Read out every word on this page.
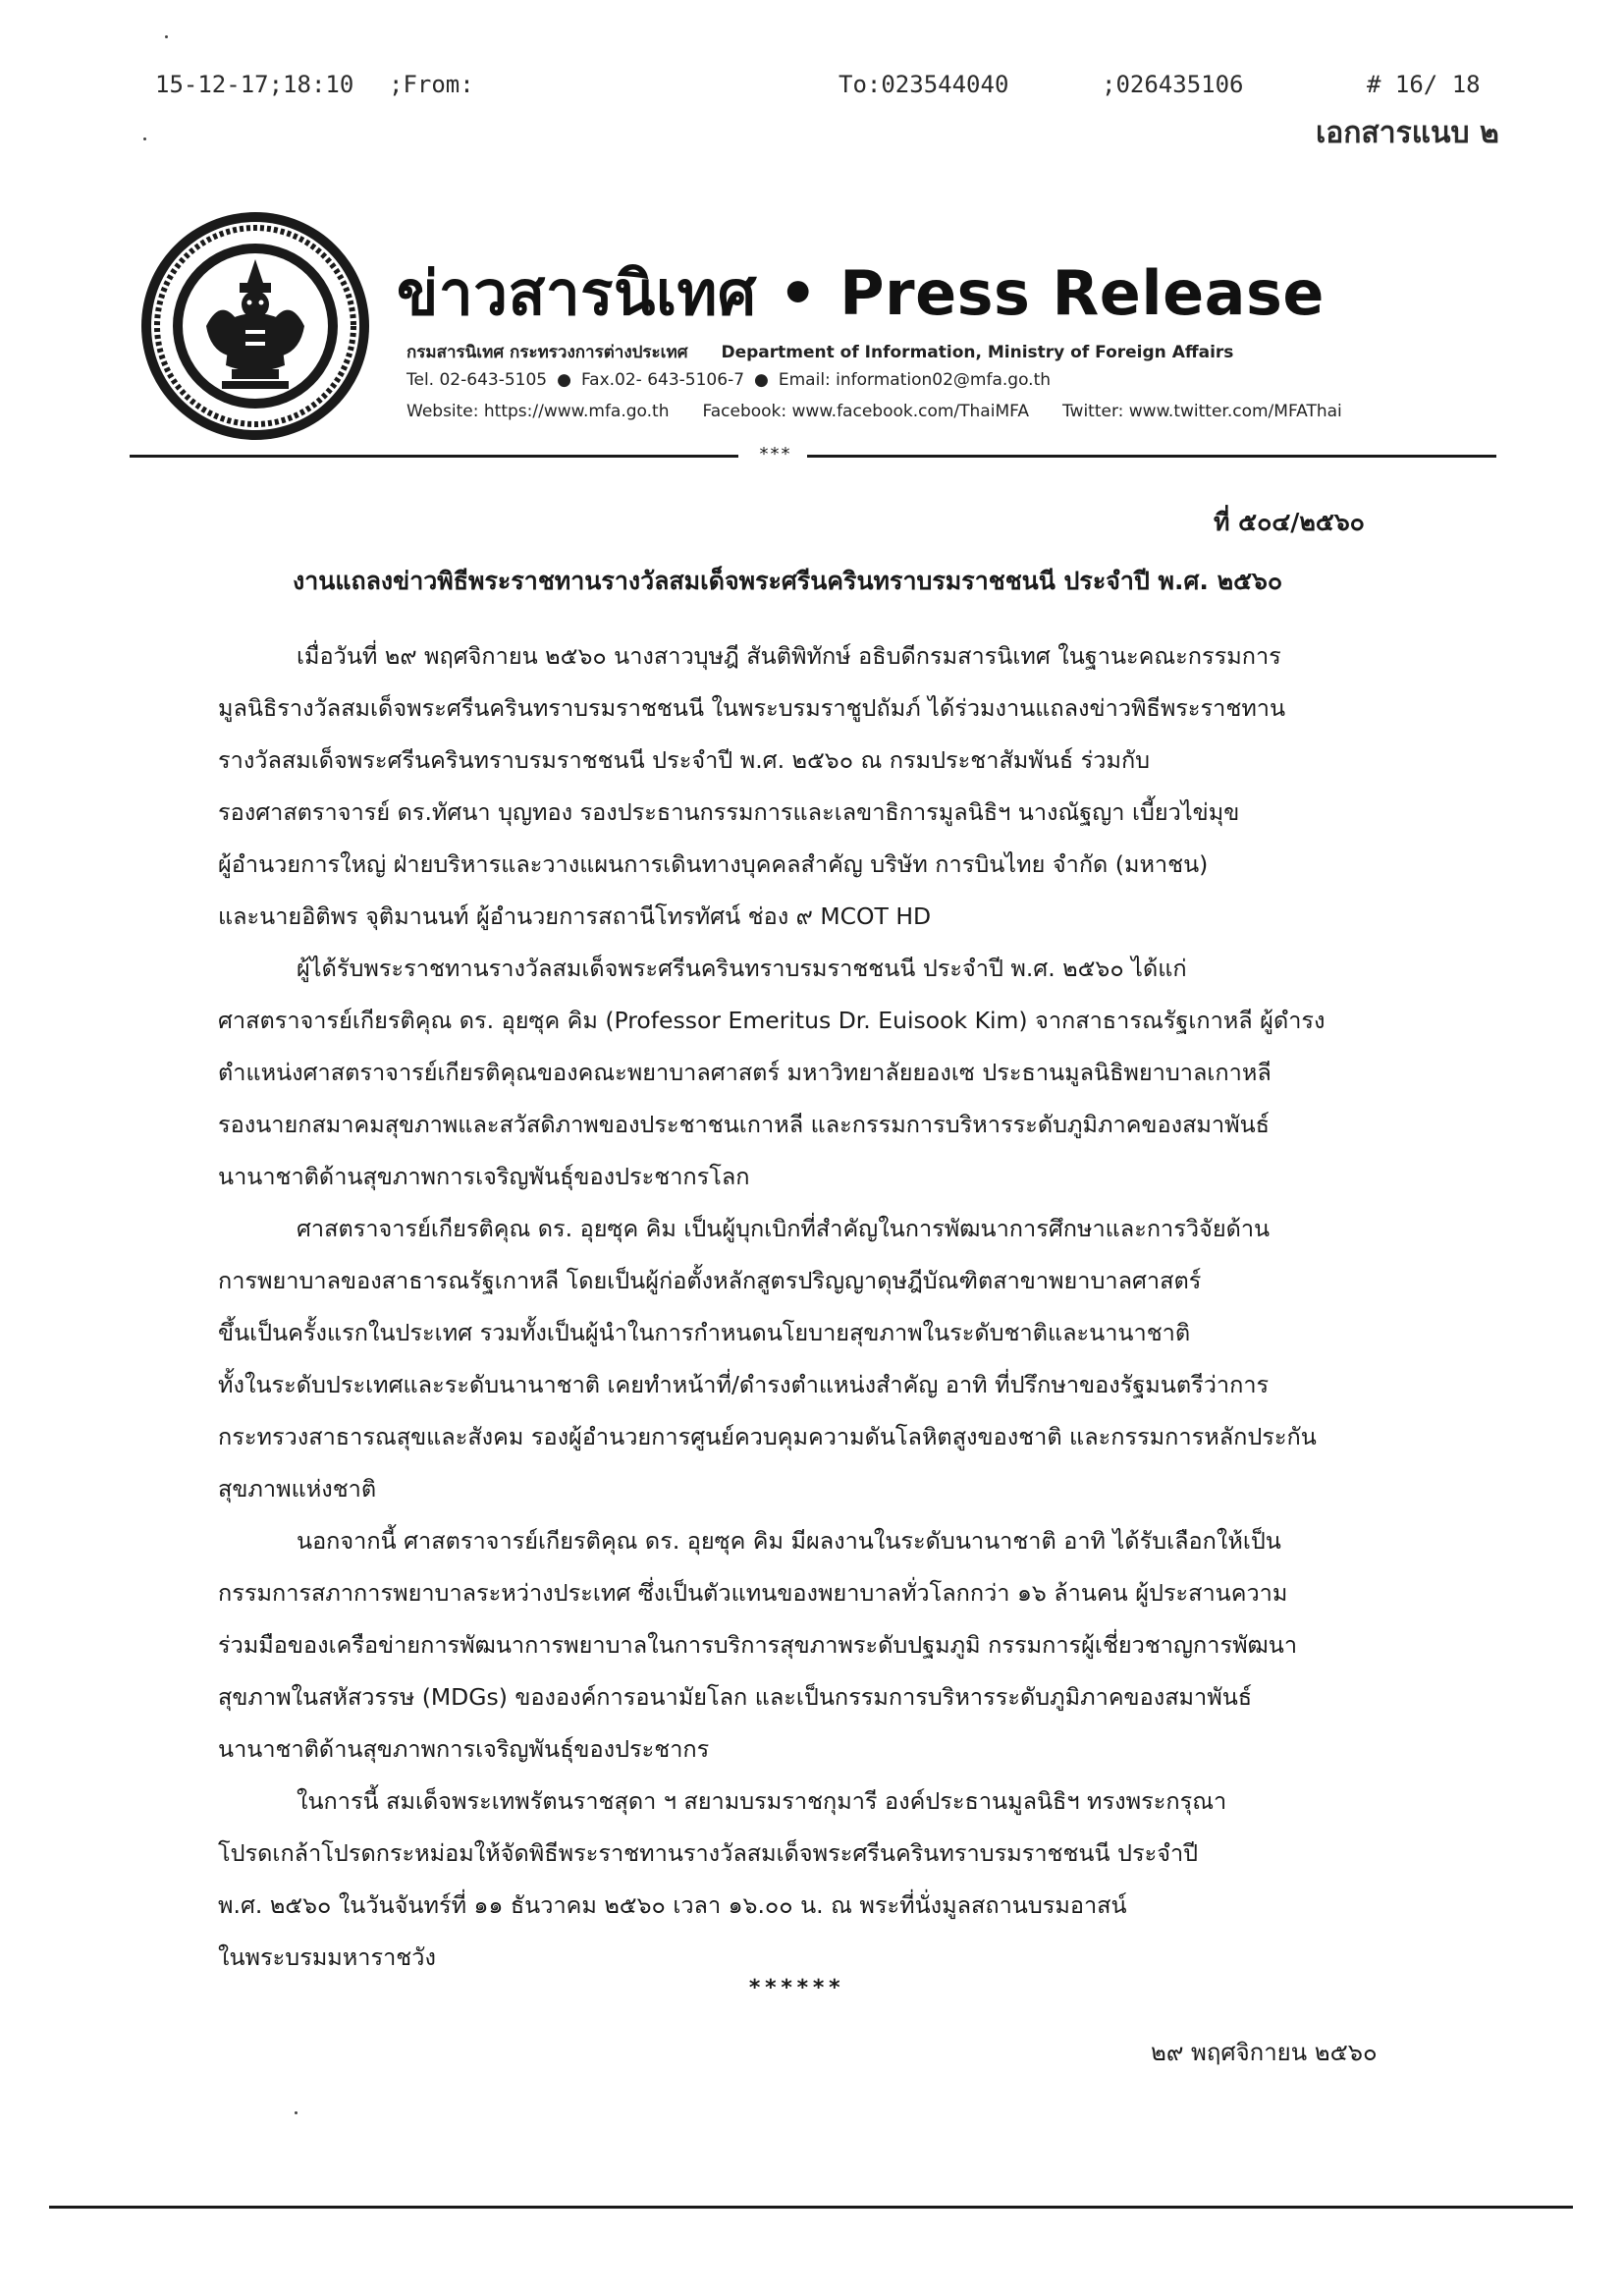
15-12-17;18:10 ;From:	To:023544040	;026435106	# 16/ 18
เอกสารแนบ ๒
ข่าวสารนิเทศ • Press Release
กรมสารนิเทศ กระทรวงการต่างประเทศ Department of Information, Ministry of Foreign Affairs
Tel. 02-643-5105 ● Fax.02- 643-5106-7 ● Email: information02@mfa.go.th
Website: https://www.mfa.go.th Facebook: www.facebook.com/ThaiMFA Twitter: www.twitter.com/MFAThai
***
ที่ ๕๐๔/๒๕๖๐
งานแถลงข่าวพิธีพระราชทานรางวัลสมเด็จพระศรีนครินทราบรมราชชนนี ประจำปี พ.ศ. ๒๕๖๐
เมื่อวันที่ ๒๙ พฤศจิกายน ๒๕๖๐ นางสาวบุษฎี สันติพิทักษ์ อธิบดีกรมสารนิเทศ ในฐานะคณะกรรมการ
มูลนิธิรางวัลสมเด็จพระศรีนครินทราบรมราชชนนี ในพระบรมราชูปถัมภ์ ได้ร่วมงานแถลงข่าวพิธีพระราชทาน
รางวัลสมเด็จพระศรีนครินทราบรมราชชนนี ประจำปี พ.ศ. ๒๕๖๐ ณ กรมประชาสัมพันธ์ ร่วมกับ
รองศาสตราจารย์ ดร.ทัศนา บุญทอง รองประธานกรรมการและเลขาธิการมูลนิธิฯ นางณัฐญา เบี้ยวไข่มุข
ผู้อำนวยการใหญ่ ฝ่ายบริหารและวางแผนการเดินทางบุคคลสำคัญ บริษัท การบินไทย จำกัด (มหาชน)
และนายอิติพร จุติมานนท์ ผู้อำนวยการสถานีโทรทัศน์ ช่อง ๙ MCOT HD
ผู้ได้รับพระราชทานรางวัลสมเด็จพระศรีนครินทราบรมราชชนนี ประจำปี พ.ศ. ๒๕๖๐ ได้แก่
ศาสตราจารย์เกียรติคุณ ดร. อุยซุค คิม (Professor Emeritus Dr. Euisook Kim) จากสาธารณรัฐเกาหลี ผู้ดำรง
ตำแหน่งศาสตราจารย์เกียรติคุณของคณะพยาบาลศาสตร์ มหาวิทยาลัยยองเซ ประธานมูลนิธิพยาบาลเกาหลี
รองนายกสมาคมสุขภาพและสวัสดิภาพของประชาชนเกาหลี และกรรมการบริหารระดับภูมิภาคของสมาพันธ์
นานาชาติด้านสุขภาพการเจริญพันธุ์ของประชากรโลก
ศาสตราจารย์เกียรติคุณ ดร. อุยซุค คิม เป็นผู้บุกเบิกที่สำคัญในการพัฒนาการศึกษาและการวิจัยด้าน
การพยาบาลของสาธารณรัฐเกาหลี โดยเป็นผู้ก่อตั้งหลักสูตรปริญญาดุษฎีบัณฑิตสาขาพยาบาลศาสตร์
ขึ้นเป็นครั้งแรกในประเทศ รวมทั้งเป็นผู้นำในการกำหนดนโยบายสุขภาพในระดับชาติและนานาชาติ
ทั้งในระดับประเทศและระดับนานาชาติ เคยทำหน้าที่/ดำรงตำแหน่งสำคัญ อาทิ ที่ปรึกษาของรัฐมนตรีว่าการ
กระทรวงสาธารณสุขและสังคม รองผู้อำนวยการศูนย์ควบคุมความดันโลหิตสูงของชาติ และกรรมการหลักประกัน
สุขภาพแห่งชาติ
นอกจากนี้ ศาสตราจารย์เกียรติคุณ ดร. อุยซุค คิม มีผลงานในระดับนานาชาติ อาทิ ได้รับเลือกให้เป็น
กรรมการสภาการพยาบาลระหว่างประเทศ ซึ่งเป็นตัวแทนของพยาบาลทั่วโลกกว่า ๑๖ ล้านคน ผู้ประสานความ
ร่วมมือของเครือข่ายการพัฒนาการพยาบาลในการบริการสุขภาพระดับปฐมภูมิ กรรมการผู้เชี่ยวชาญการพัฒนา
สุขภาพในสหัสวรรษ (MDGs) ขององค์การอนามัยโลก และเป็นกรรมการบริหารระดับภูมิภาคของสมาพันธ์
นานาชาติด้านสุขภาพการเจริญพันธุ์ของประชากร
ในการนี้ สมเด็จพระเทพรัตนราชสุดา ฯ สยามบรมราชกุมารี องค์ประธานมูลนิธิฯ ทรงพระกรุณา
โปรดเกล้าโปรดกระหม่อมให้จัดพิธีพระราชทานรางวัลสมเด็จพระศรีนครินทราบรมราชชนนี ประจำปี
พ.ศ. ๒๕๖๐ ในวันจันทร์ที่ ๑๑ ธันวาคม ๒๕๖๐ เวลา ๑๖.๐๐ น. ณ พระที่นั่งมูลสถานบรมอาสน์
ในพระบรมมหาราชวัง
******
๒๙ พฤศจิกายน ๒๕๖๐
